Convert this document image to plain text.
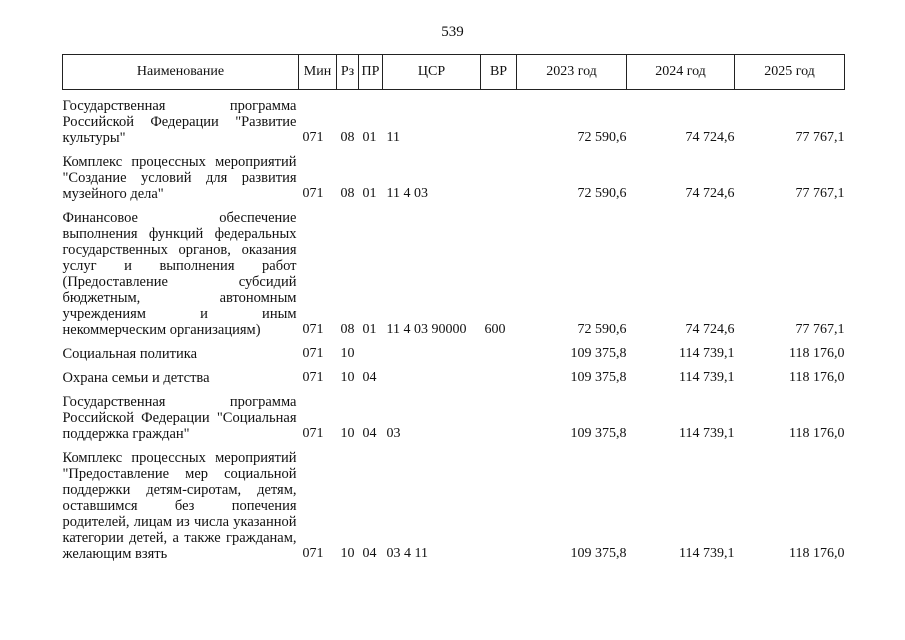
539
Наименование	Мин	Рз	ПР	ЦСР	ВР	2023 год	2024 год	2025 год

Государственная программа Российской Федерации "Развитие культуры"	071	08	01	11		72 590,6	74 724,6	77 767,1

Комплекс процессных мероприятий "Создание условий для развития музейного дела"	071	08	01	11 4 03		72 590,6	74 724,6	77 767,1

Финансовое обеспечение выполнения функций федеральных государственных органов, оказания услуг и выполнения работ (Предоставление субсидий бюджетным, автономным учреждениям и иным некоммерческим организациям)	071	08	01	11 4 03 90000	600	72 590,6	74 724,6	77 767,1

Социальная политика	071	10				109 375,8	114 739,1	118 176,0

Охрана семьи и детства	071	10	04			109 375,8	114 739,1	118 176,0

Государственная программа Российской Федерации "Социальная поддержка граждан"	071	10	04	03		109 375,8	114 739,1	118 176,0

Комплекс процессных мероприятий "Предоставление мер социальной поддержки детям-сиротам, детям, оставшимся без попечения родителей, лицам из числа указанной категории детей, а также гражданам, желающим взять	071	10	04	03 4 11		109 375,8	114 739,1	118 176,0
